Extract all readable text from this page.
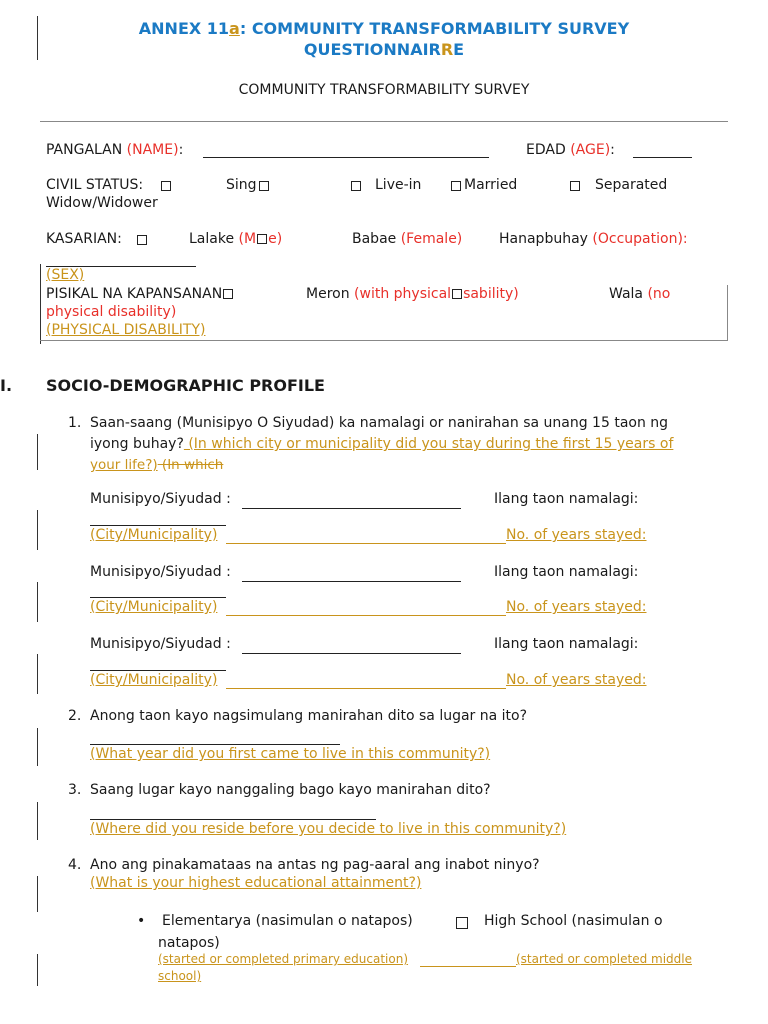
ANNEX 11a: COMMUNITY TRANSFORMABILITY SURVEY
QUESTIONNAIRRE
COMMUNITY TRANSFORMABILITY SURVEY
PANGALAN (NAME):	EDAD (AGE):
CIVIL STATUS:	Sing	Live-in	Married	Separated
Widow/Widower
KASARIAN:	Lalake (M e)	Babae (Female)	Hanapbuhay (Occupation):
(SEX)
PISIKAL NA KAPANSANAN	Meron (with physical sability)	Wala (no
physical disability)
(PHYSICAL DISABILITY)
I. SOCIO-DEMOGRAPHIC PROFILE
1. Saan-saang (Munisipyo O Siyudad) ka namalagi or nanirahan sa unang 15 taon ng
iyong buhay? (In which city or municipality did you stay during the first 15 years of
your life?) (In which
Munisipyo/Siyudad :	Ilang taon namalagi:
(City/Municipality)	No. of years stayed:
Munisipyo/Siyudad :	Ilang taon namalagi:
(City/Municipality)	No. of years stayed:
Munisipyo/Siyudad :	Ilang taon namalagi:
(City/Municipality)	No. of years stayed:
2. Anong taon kayo nagsimulang manirahan dito sa lugar na ito?
(What year did you first came to live in this community?)
3. Saang lugar kayo nanggaling bago kayo manirahan dito?
(Where did you reside before you decide to live in this community?)
4. Ano ang pinakamataas na antas ng pag-aaral ang inabot ninyo?
(What is your highest educational attainment?)
• Elementarya (nasimulan o natapos)	High School (nasimulan o
natapos)
(started or completed primary education)	(started or completed middle
school)
